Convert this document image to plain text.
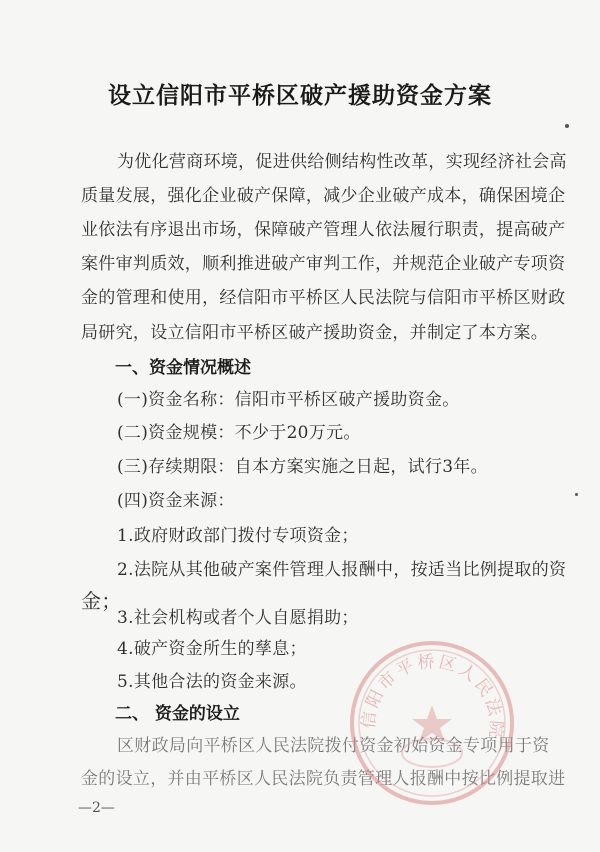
设立信阳市平桥区破产援助资金方案
为优化营商环境，促进供给侧结构性改革，实现经济社会高
质量发展，强化企业破产保障，减少企业破产成本，确保困境企
业依法有序退出市场，保障破产管理人依法履行职责，提高破产
案件审判质效，顺利推进破产审判工作，并规范企业破产专项资
金的管理和使用，经信阳市平桥区人民法院与信阳市平桥区财政
局研究，设立信阳市平桥区破产援助资金，并制定了本方案。
一、资金情况概述
(一)资金名称：信阳市平桥区破产援助资金。
(二)资金规模：不少于20万元。
(三)存续期限：自本方案实施之日起，试行3年。
(四)资金来源：
1.政府财政部门拨付专项资金；
2.法院从其他破产案件管理人报酬中，按适当比例提取的资
金；
3.社会机构或者个人自愿捐助；
4.破产资金所生的孳息；
5.其他合法的资金来源。
二、 资金的设立
区财政局向平桥区人民法院拨付资金初始资金专项用于资
金的设立，并由平桥区人民法院负责管理人报酬中按比例提取进
—2—
信阳市平桥区人民法院
